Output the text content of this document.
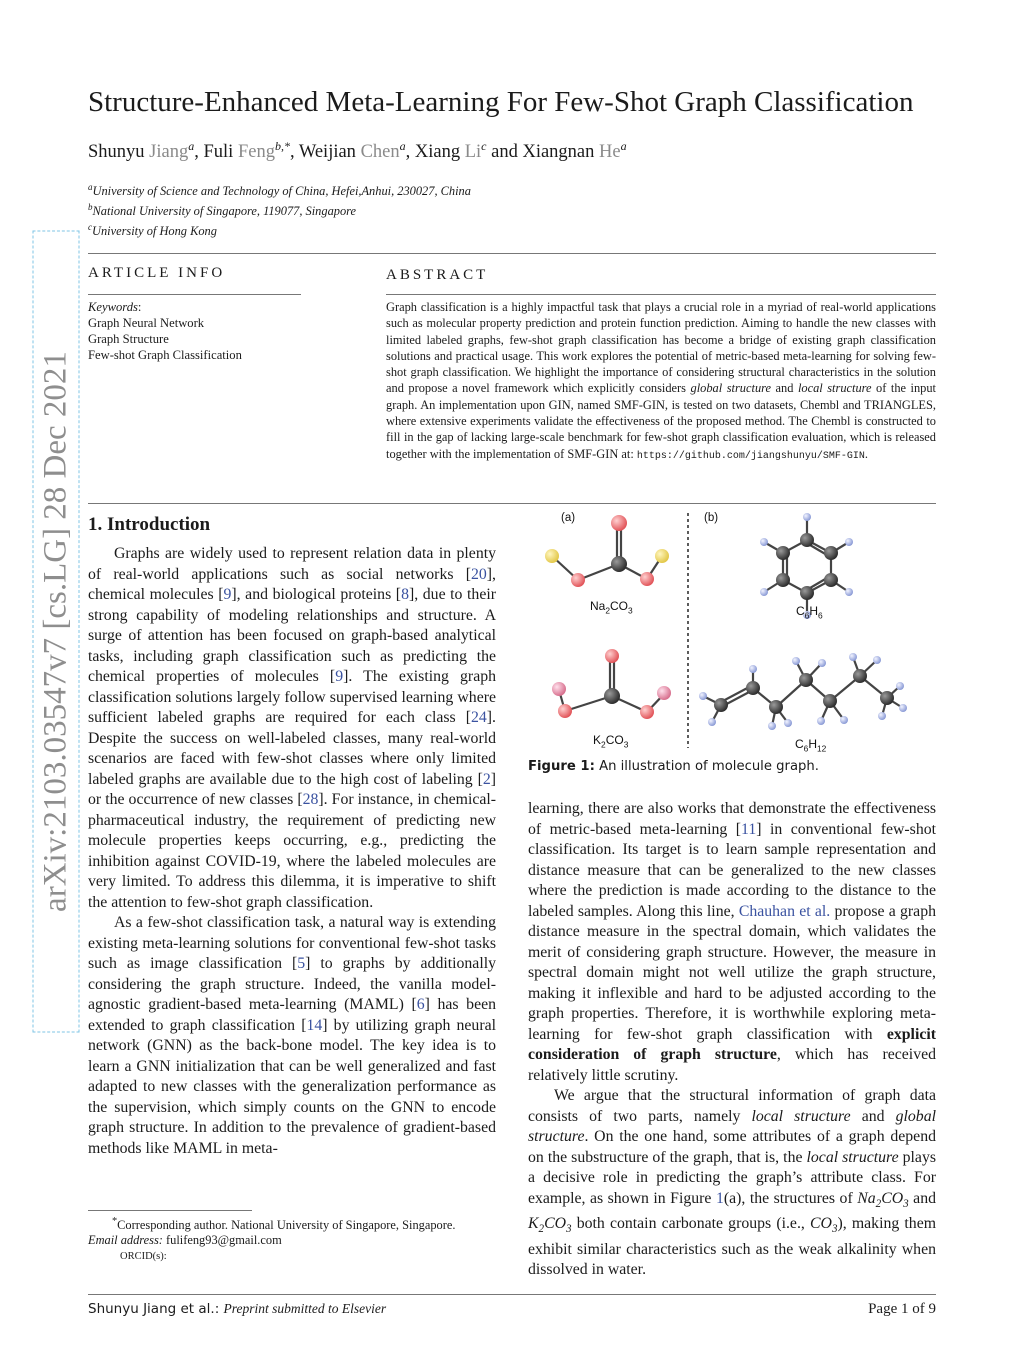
arXiv:2103.03547v7 [cs.LG] 28 Dec 2021
Structure-Enhanced Meta-Learning For Few-Shot Graph Classification
Shunyu Jiang$^a$, Fuli Feng$^{b,*}$, Weijian Chen$^a$, Xiang Li$^c$ and Xiangnan He$^a$
$^a$University of Science and Technology of China, Hefei,Anhui, 230027, China
$^b$National University of Singapore, 119077, Singapore
$^c$University of Hong Kong
ARTICLE INFO
Keywords:
Graph Neural Network
Graph Structure
Few-shot Graph Classification
ABSTRACT
Graph classification is a highly impactful task that plays a crucial role in a myriad of real-world applications such as molecular property prediction and protein function prediction. Aiming to handle the new classes with limited labeled graphs, few-shot graph classification has become a bridge of existing graph classification solutions and practical usage. This work explores the potential of metric-based meta-learning for solving few-shot graph classification. We highlight the importance of considering structural characteristics in the solution and propose a novel framework which explicitly considers global structure and local structure of the input graph. An implementation upon GIN, named SMF-GIN, is tested on two datasets, Chembl and TRIANGLES, where extensive experiments validate the effectiveness of the proposed method. The Chembl is constructed to fill in the gap of lacking large-scale benchmark for few-shot graph classification evaluation, which is released together with the implementation of SMF-GIN at: https://github.com/jiangshunyu/SMF-GIN.
1. Introduction

Graphs are widely used to represent relation data in plenty of real-world applications such as social networks [20], chemical molecules [9], and biological proteins [8], due to their strong capability of modeling relationships and structure. A surge of attention has been focused on graph-based analytical tasks, including graph classification such as predicting the chemical properties of molecules [9]. The existing graph classification solutions largely follow supervised learning where sufficient labeled graphs are required for each class [24]. Despite the success on well-labeled classes, many real-world scenarios are faced with few-shot classes where only limited labeled graphs are available due to the high cost of labeling [2] or the occurrence of new classes [28]. For instance, in chemical-pharmaceutical industry, the requirement of predicting new molecule properties keeps occurring, e.g., predicting the inhibition against COVID-19, where the labeled molecules are very limited. To address this dilemma, it is imperative to shift the attention to few-shot graph classification.

As a few-shot classification task, a natural way is extending existing meta-learning solutions for conventional few-shot tasks such as image classification [5] to graphs by additionally considering the graph structure. Indeed, the vanilla model-agnostic gradient-based meta-learning (MAML) [6] has been extended to graph classification [14] by utilizing graph neural network (GNN) as the back-bone model. The key idea is to learn a GNN initialization that can be well generalized and fast adapted to new classes with the generalization performance as the supervision, which simply counts on the GNN to encode graph structure. In addition to the prevalence of gradient-based methods like MAML in meta-

*Corresponding author. National University of Singapore, Singapore.
Email address: fulifeng93@gmail.com
ORCID(s):
(a)	(b)
$Na_2CO_3$	$C_6H_6$
$K_2CO_3$	$C_6H_{12}$
Figure 1: An illustration of molecule graph.

learning, there are also works that demonstrate the effectiveness of metric-based meta-learning [11] in conventional few-shot classification. Its target is to learn sample representation and distance measure that can be generalized to the new classes where the prediction is made according to the distance to the labeled samples. Along this line, Chauhan et al. propose a graph distance measure in the spectral domain, which validates the merit of considering graph structure. However, the measure in spectral domain might not well utilize the graph structure, making it inflexible and hard to be adjusted according to the graph properties. Therefore, it is worthwhile exploring meta-learning for few-shot graph classification with explicit consideration of graph structure, which has received relatively little scrutiny.

We argue that the structural information of graph data consists of two parts, namely local structure and global structure. On the one hand, some attributes of a graph depend on the substructure of the graph, that is, the local structure plays a decisive role in predicting the graph’s attribute class. For example, as shown in Figure 1(a), the structures of $Na_2CO_3$ and $K_2CO_3$ both contain carbonate groups (i.e., $CO_3$), making them exhibit similar characteristics such as the weak alkalinity when dissolved in water.

Shunyu Jiang et al.: Preprint submitted to Elsevier	Page 1 of 9
